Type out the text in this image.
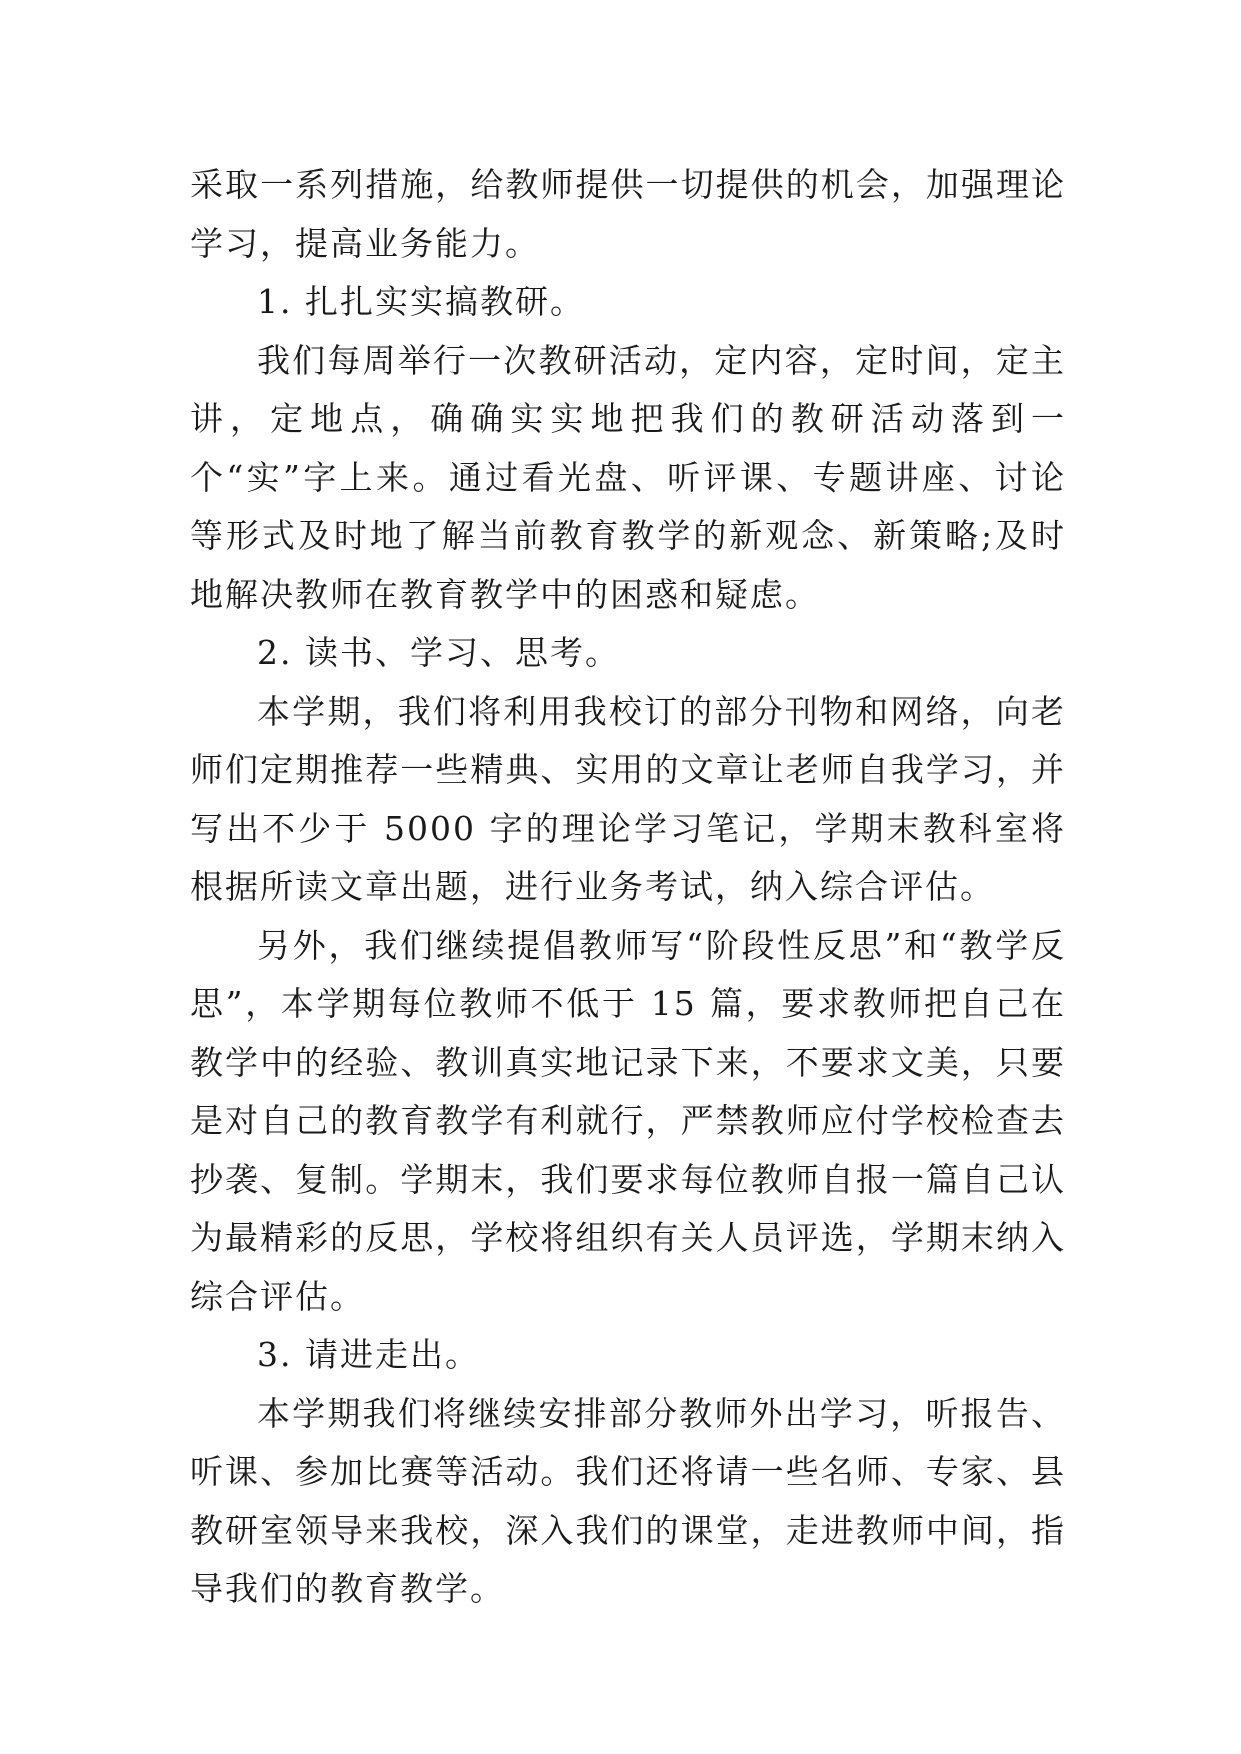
采取一系列措施，给教师提供一切提供的机会，加强理论学习，提高业务能力。

1. 扎扎实实搞教研。

我们每周举行一次教研活动，定内容，定时间，定主讲，定地点，确确实实地把我们的教研活动落到一个“实”字上来。通过看光盘、听评课、专题讲座、讨论等形式及时地了解当前教育教学的新观念、新策略;及时地解决教师在教育教学中的困惑和疑虑。

2. 读书、学习、思考。

本学期，我们将利用我校订的部分刊物和网络，向老师们定期推荐一些精典、实用的文章让老师自我学习，并写出不少于 5000 字的理论学习笔记，学期末教科室将根据所读文章出题，进行业务考试，纳入综合评估。

另外，我们继续提倡教师写“阶段性反思”和“教学反思”，本学期每位教师不低于 15 篇，要求教师把自己在教学中的经验、教训真实地记录下来，不要求文美，只要是对自己的教育教学有利就行，严禁教师应付学校检查去抄袭、复制。学期末，我们要求每位教师自报一篇自己认为最精彩的反思，学校将组织有关人员评选，学期末纳入综合评估。

3. 请进走出。

本学期我们将继续安排部分教师外出学习，听报告、听课、参加比赛等活动。我们还将请一些名师、专家、县教研室领导来我校，深入我们的课堂，走进教师中间，指导我们的教育教学。
